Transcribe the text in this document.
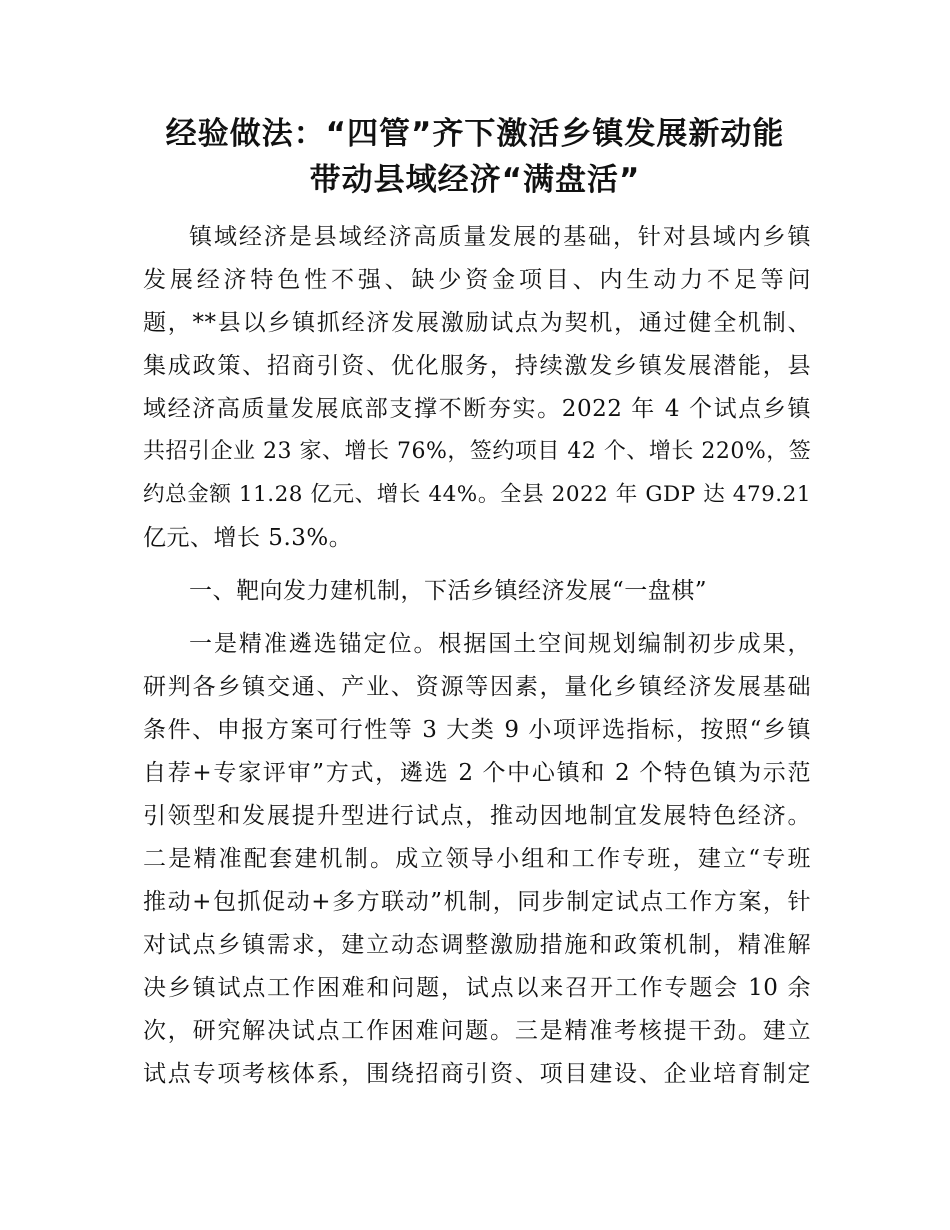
经验做法：“四管”齐下激活乡镇发展新动能
带动县域经济“满盘活”
镇域经济是县域经济高质量发展的基础，针对县域内乡镇
发展经济特色性不强、缺少资金项目、内生动力不足等问
题，**县以乡镇抓经济发展激励试点为契机，通过健全机制、
集成政策、招商引资、优化服务，持续激发乡镇发展潜能，县
域经济高质量发展底部支撑不断夯实。2022 年 4 个试点乡镇
共招引企业 23 家、增长 76%，签约项目 42 个、增长 220%，签
约总金额 11.28 亿元、增长 44%。全县 2022 年 GDP 达 479.21
亿元、增长 5.3%。
一、靶向发力建机制，下活乡镇经济发展“一盘棋”
一是精准遴选锚定位。根据国土空间规划编制初步成果，
研判各乡镇交通、产业、资源等因素，量化乡镇经济发展基础
条件、申报方案可行性等 3 大类 9 小项评选指标，按照“乡镇
自荐+专家评审”方式，遴选 2 个中心镇和 2 个特色镇为示范
引领型和发展提升型进行试点，推动因地制宜发展特色经济。
二是精准配套建机制。成立领导小组和工作专班，建立“专班
推动+包抓促动+多方联动”机制，同步制定试点工作方案，针
对试点乡镇需求，建立动态调整激励措施和政策机制，精准解
决乡镇试点工作困难和问题，试点以来召开工作专题会 10 余
次，研究解决试点工作困难问题。三是精准考核提干劲。建立
试点专项考核体系，围绕招商引资、项目建设、企业培育制定
